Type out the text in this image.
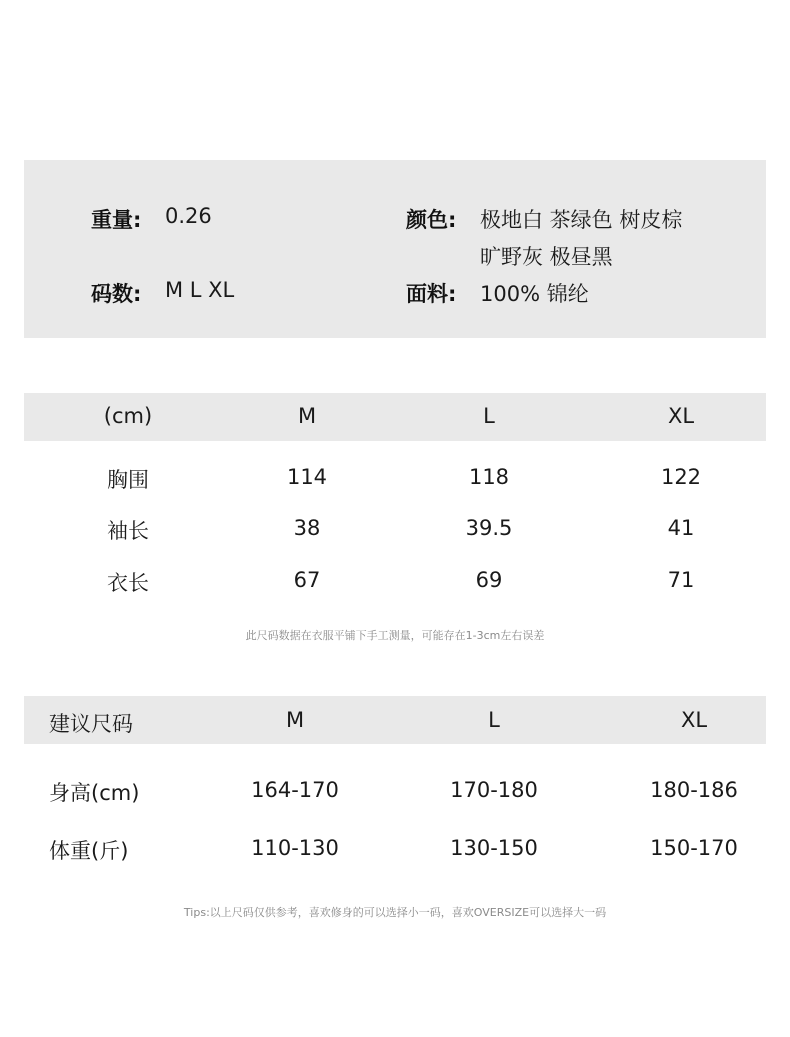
重量: 0.26	颜色: 极地白 茶绿色 树皮棕
旷野灰 极昼黑
码数: M L XL	面料: 100% 锦纶
(cm)	M	L	XL
胸围	114	118	122
袖长	38	39.5	41
衣长	67	69	71
此尺码数据在衣服平铺下手工测量，可能存在1-3cm左右误差
建议尺码	M	L	XL
身高(cm)	164-170	170-180	180-186
体重(斤)	110-130	130-150	150-170
Tips:以上尺码仅供参考，喜欢修身的可以选择小一码，喜欢OVERSIZE可以选择大一码
